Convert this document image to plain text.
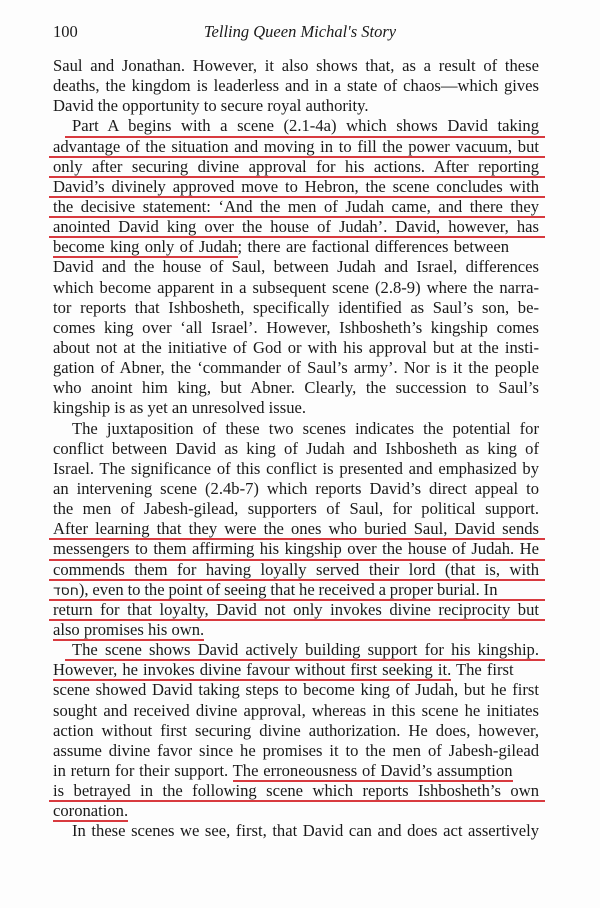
100	Telling Queen Michal's Story
Saul and Jonathan. However, it also shows that, as a result of these
deaths, the kingdom is leaderless and in a state of chaos—which gives
David the opportunity to secure royal authority.
Part A begins with a scene (2.1-4a) which shows David taking
advantage of the situation and moving in to fill the power vacuum, but
only after securing divine approval for his actions. After reporting
David’s divinely approved move to Hebron, the scene concludes with
the decisive statement: ‘And the men of Judah came, and there they
anointed David king over the house of Judah’. David, however, has
become king only of Judah; there are factional differences between
David and the house of Saul, between Judah and Israel, differences
which become apparent in a subsequent scene (2.8-9) where the narra-
tor reports that Ishbosheth, specifically identified as Saul’s son, be-
comes king over ‘all Israel’. However, Ishbosheth’s kingship comes
about not at the initiative of God or with his approval but at the insti-
gation of Abner, the ‘commander of Saul’s army’. Nor is it the people
who anoint him king, but Abner. Clearly, the succession to Saul’s
kingship is as yet an unresolved issue.
The juxtaposition of these two scenes indicates the potential for
conflict between David as king of Judah and Ishbosheth as king of
Israel. The significance of this conflict is presented and emphasized by
an intervening scene (2.4b-7) which reports David’s direct appeal to
the men of Jabesh-gilead, supporters of Saul, for political support.
After learning that they were the ones who buried Saul, David sends
messengers to them affirming his kingship over the house of Judah. He
commends them for having loyally served their lord (that is, with
חסד), even to the point of seeing that he received a proper burial. In
return for that loyalty, David not only invokes divine reciprocity but
also promises his own.
The scene shows David actively building support for his kingship.
However, he invokes divine favour without first seeking it. The first
scene showed David taking steps to become king of Judah, but he first
sought and received divine approval, whereas in this scene he initiates
action without first securing divine authorization. He does, however,
assume divine favor since he promises it to the men of Jabesh-gilead
in return for their support. The erroneousness of David’s assumption
is betrayed in the following scene which reports Ishbosheth’s own
coronation.
In these scenes we see, first, that David can and does act assertively
